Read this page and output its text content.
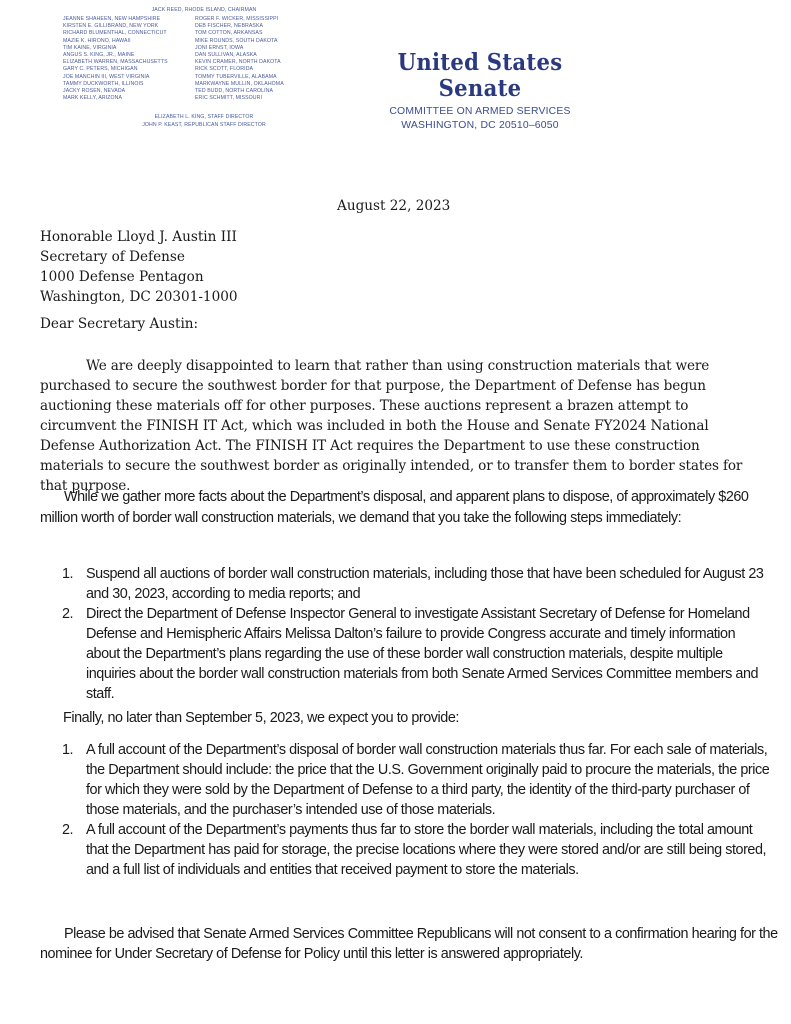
JACK REED, RHODE ISLAND, CHAIRMAN
JEANNE SHAHEEN, NEW HAMPSHIRE
KIRSTEN E. GILLIBRAND, NEW YORK
RICHARD BLUMENTHAL, CONNECTICUT
MAZIE K. HIRONO, HAWAII
TIM KAINE, VIRGINIA
ANGUS S. KING, JR., MAINE
ELIZABETH WARREN, MASSACHUSETTS
GARY C. PETERS, MICHIGAN
JOE MANCHIN III, WEST VIRGINIA
TAMMY DUCKWORTH, ILLINOIS
JACKY ROSEN, NEVADA
MARK KELLY, ARIZONA
ROGER F. WICKER, MISSISSIPPI
DEB FISCHER, NEBRASKA
TOM COTTON, ARKANSAS
MIKE ROUNDS, SOUTH DAKOTA
JONI ERNST, IOWA
DAN SULLIVAN, ALASKA
KEVIN CRAMER, NORTH DAKOTA
RICK SCOTT, FLORIDA
TOMMY TUBERVILLE, ALABAMA
MARKWAYNE MULLIN, OKLAHOMA
TED BUDD, NORTH CAROLINA
ERIC SCHMITT, MISSOURI
ELIZABETH L. KING, STAFF DIRECTOR
JOHN P. KEAST, REPUBLICAN STAFF DIRECTOR
United States Senate
COMMITTEE ON ARMED SERVICES
WASHINGTON, DC 20510–6050
August 22, 2023
Honorable Lloyd J. Austin III
Secretary of Defense
1000 Defense Pentagon
Washington, DC 20301-1000
Dear Secretary Austin:
We are deeply disappointed to learn that rather than using construction materials that were purchased to secure the southwest border for that purpose, the Department of Defense has begun auctioning these materials off for other purposes. These auctions represent a brazen attempt to circumvent the FINISH IT Act, which was included in both the House and Senate FY2024 National Defense Authorization Act. The FINISH IT Act requires the Department to use these construction materials to secure the southwest border as originally intended, or to transfer them to border states for that purpose.
While we gather more facts about the Department’s disposal, and apparent plans to dispose, of approximately $260 million worth of border wall construction materials, we demand that you take the following steps immediately:
1. Suspend all auctions of border wall construction materials, including those that have been scheduled for August 23 and 30, 2023, according to media reports; and
2. Direct the Department of Defense Inspector General to investigate Assistant Secretary of Defense for Homeland Defense and Hemispheric Affairs Melissa Dalton’s failure to provide Congress accurate and timely information about the Department’s plans regarding the use of these border wall construction materials, despite multiple inquiries about the border wall construction materials from both Senate Armed Services Committee members and staff.
Finally, no later than September 5, 2023, we expect you to provide:
1. A full account of the Department’s disposal of border wall construction materials thus far. For each sale of materials, the Department should include: the price that the U.S. Government originally paid to procure the materials, the price for which they were sold by the Department of Defense to a third party, the identity of the third-party purchaser of those materials, and the purchaser’s intended use of those materials.
2. A full account of the Department’s payments thus far to store the border wall materials, including the total amount that the Department has paid for storage, the precise locations where they were stored and/or are still being stored, and a full list of individuals and entities that received payment to store the materials.
Please be advised that Senate Armed Services Committee Republicans will not consent to a confirmation hearing for the nominee for Under Secretary of Defense for Policy until this letter is answered appropriately.
